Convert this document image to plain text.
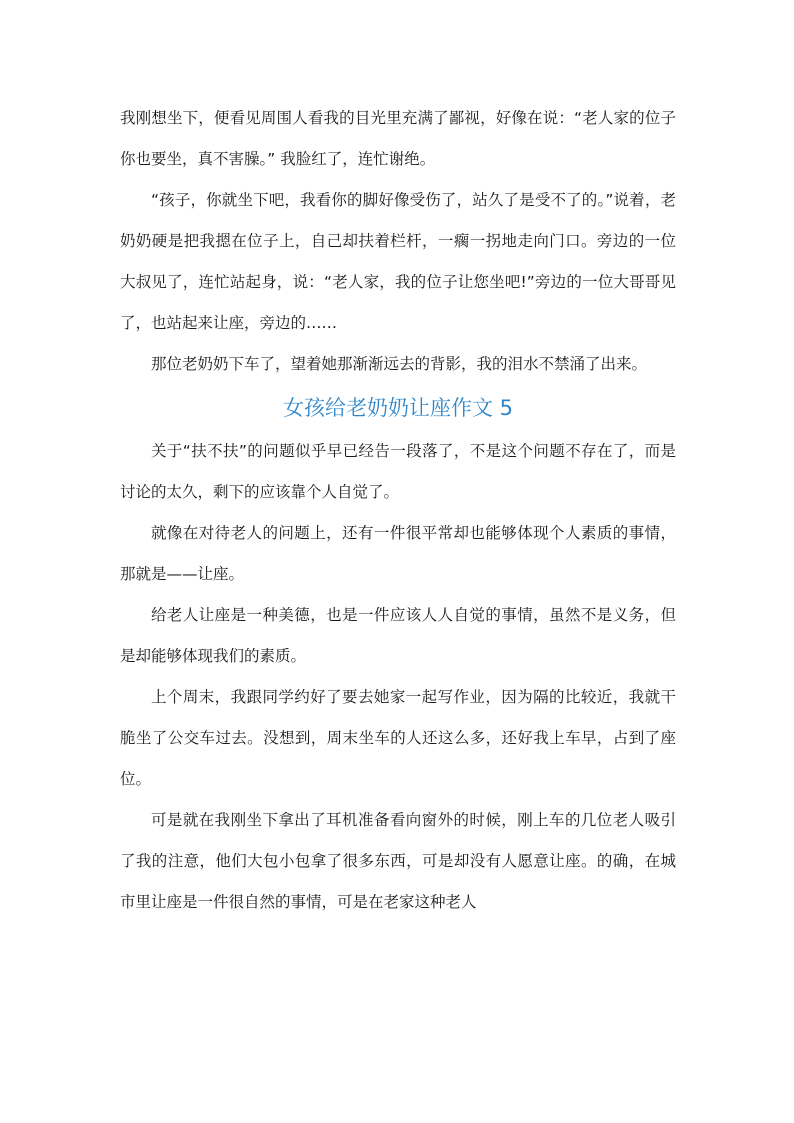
我刚想坐下，便看见周围人看我的目光里充满了鄙视，好像在说：“老人家的位子你也要坐，真不害臊。” 我脸红了，连忙谢绝。

“孩子，你就坐下吧，我看你的脚好像受伤了，站久了是受不了的。”说着，老奶奶硬是把我摁在位子上，自己却扶着栏杆，一瘸一拐地走向门口。旁边的一位大叔见了，连忙站起身，说：“老人家，我的位子让您坐吧!”旁边的一位大哥哥见了，也站起来让座，旁边的……

那位老奶奶下车了，望着她那渐渐远去的背影，我的泪水不禁涌了出来。

女孩给老奶奶让座作文 5

关于“扶不扶”的问题似乎早已经告一段落了，不是这个问题不存在了，而是讨论的太久，剩下的应该靠个人自觉了。

就像在对待老人的问题上，还有一件很平常却也能够体现个人素质的事情，那就是——让座。

给老人让座是一种美德，也是一件应该人人自觉的事情，虽然不是义务，但是却能够体现我们的素质。

上个周末，我跟同学约好了要去她家一起写作业，因为隔的比较近，我就干脆坐了公交车过去。没想到，周末坐车的人还这么多，还好我上车早，占到了座位。

可是就在我刚坐下拿出了耳机准备看向窗外的时候，刚上车的几位老人吸引了我的注意，他们大包小包拿了很多东西，可是却没有人愿意让座。的确，在城市里让座是一件很自然的事情，可是在老家这种老人
